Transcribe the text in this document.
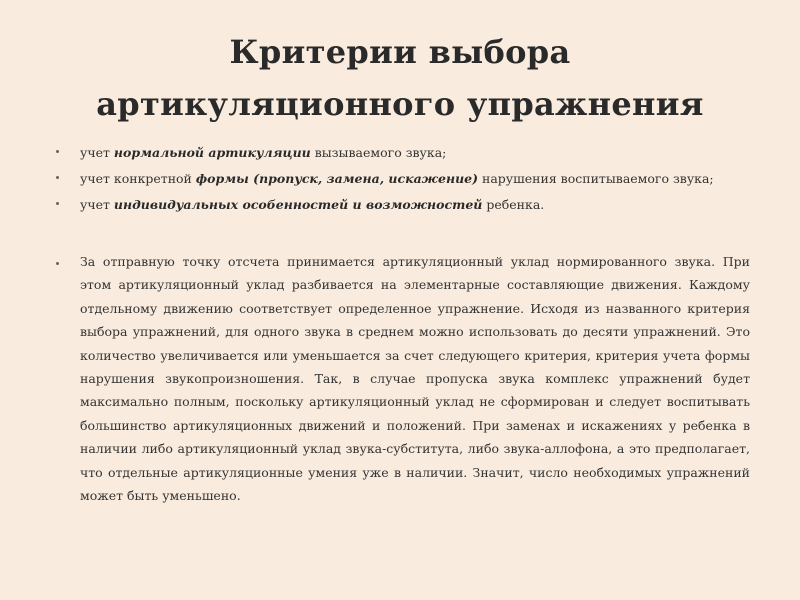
Критерии выбора
артикуляционного упражнения
учет нормальной артикуляции вызываемого звука;
учет конкретной формы (пропуск, замена, искажение) нарушения воспитываемого звука;
учет индивидуальных особенностей и возможностей ребенка.

За отправную точку отсчета принимается артикуляционный уклад нормированного звука. При этом артикуляционный уклад разбивается на элементарные составляющие движения. Каждому отдельному движению соответствует определенное упражнение. Исходя из названного критерия выбора упражнений, для одного звука в среднем можно использовать до десяти упражнений. Это количество увеличивается или уменьшается за счет следующего критерия, критерия учета формы нарушения звукопроизношения. Так, в случае пропуска звука комплекс упражнений будет максимально полным, поскольку артикуляционный уклад не сформирован и следует воспитывать большинство артикуляционных движений и положений. При заменах и искажениях у ребенка в наличии либо артикуляционный уклад звука-субститута, либо звука-аллофона, а это предполагает, что отдельные артикуляционные умения уже в наличии. Значит, число необходимых упражнений может быть уменьшено.
